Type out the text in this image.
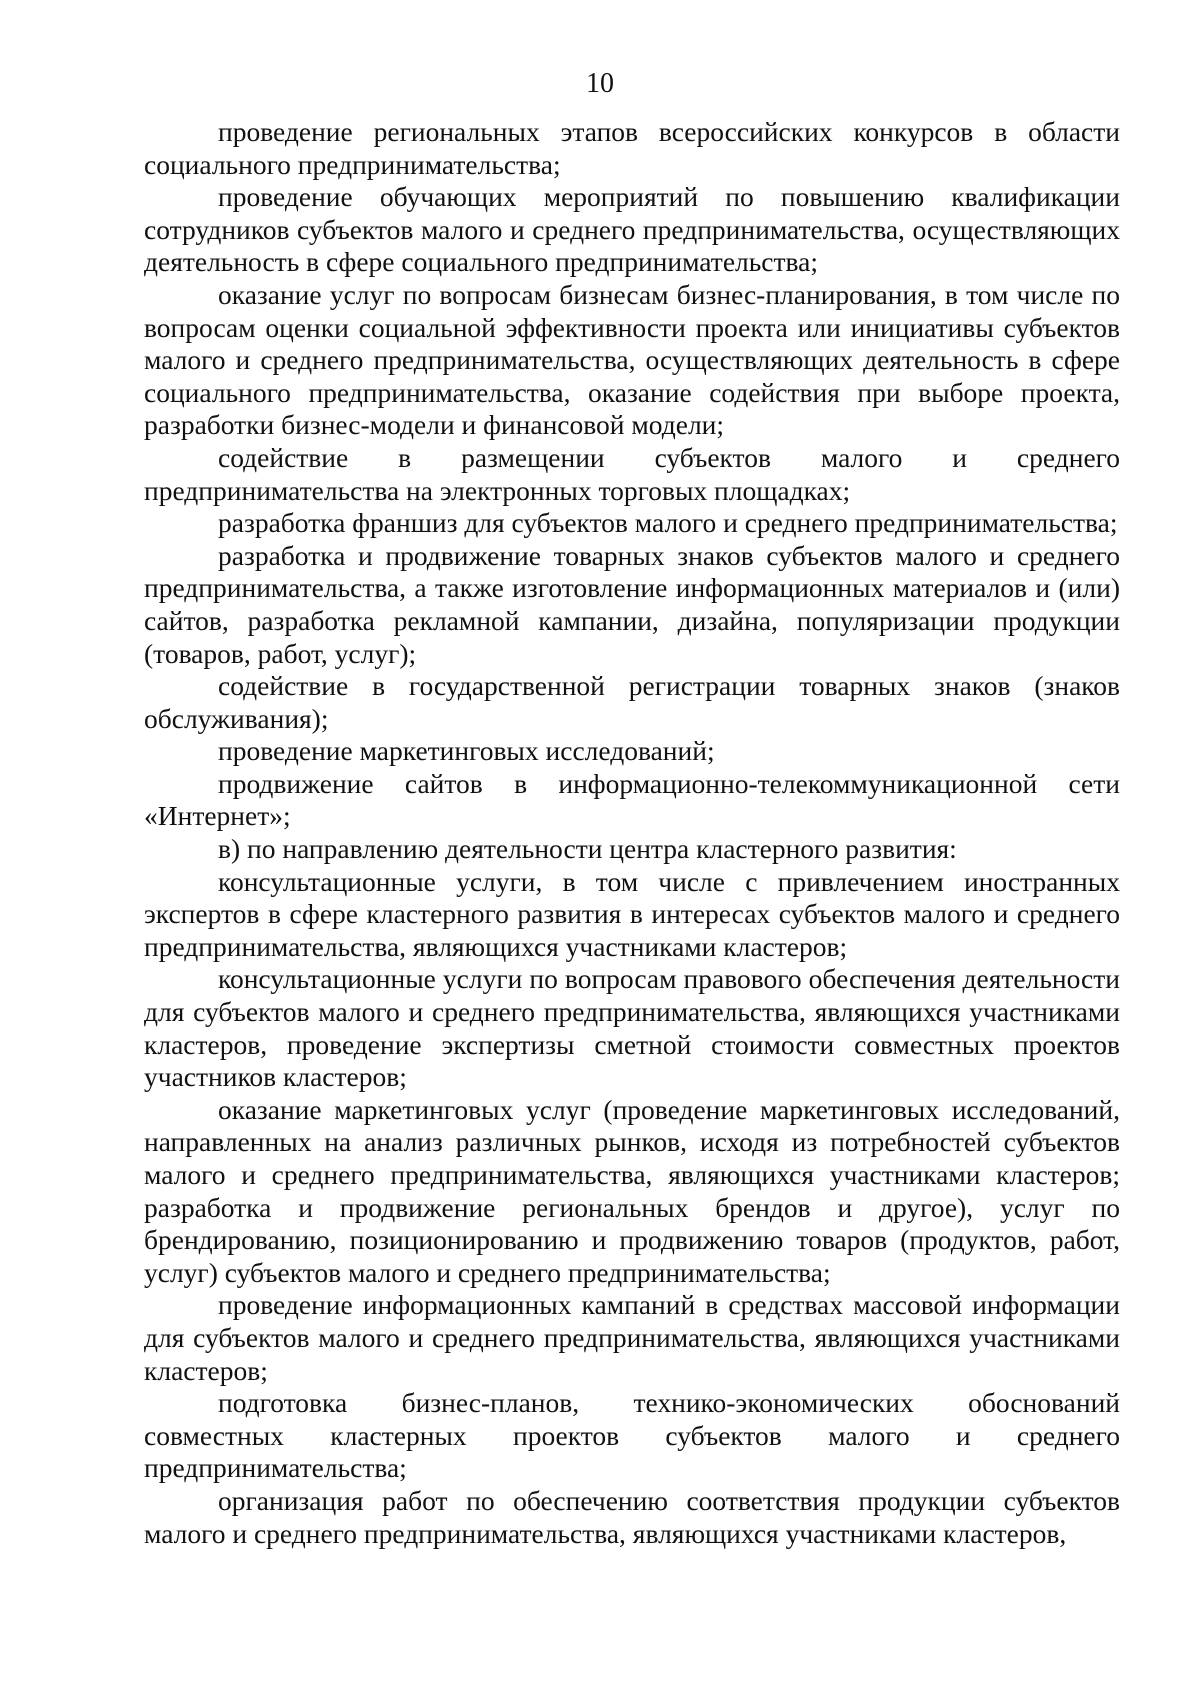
10

проведение региональных этапов всероссийских конкурсов в области социального предпринимательства;

проведение обучающих мероприятий по повышению квалификации сотрудников субъектов малого и среднего предпринимательства, осуществляющих деятельность в сфере социального предпринимательства;

оказание услуг по вопросам бизнесам бизнес-планирования, в том числе по вопросам оценки социальной эффективности проекта или инициативы субъектов малого и среднего предпринимательства, осуществляющих деятельность в сфере социального предпринимательства, оказание содействия при выборе проекта, разработки бизнес-модели и финансовой модели;

содействие в размещении субъектов малого и среднего предпринимательства на электронных торговых площадках;

разработка франшиз для субъектов малого и среднего предпринимательства;

разработка и продвижение товарных знаков субъектов малого и среднего предпринимательства, а также изготовление информационных материалов и (или) сайтов, разработка рекламной кампании, дизайна, популяризации продукции (товаров, работ, услуг);

содействие в государственной регистрации товарных знаков (знаков обслуживания);

проведение маркетинговых исследований;

продвижение сайтов в информационно-телекоммуникационной сети «Интернет»;

в) по направлению деятельности центра кластерного развития:

консультационные услуги, в том числе с привлечением иностранных экспертов в сфере кластерного развития в интересах субъектов малого и среднего предпринимательства, являющихся участниками кластеров;

консультационные услуги по вопросам правового обеспечения деятельности для субъектов малого и среднего предпринимательства, являющихся участниками кластеров, проведение экспертизы сметной стоимости совместных проектов участников кластеров;

оказание маркетинговых услуг (проведение маркетинговых исследований, направленных на анализ различных рынков, исходя из потребностей субъектов малого и среднего предпринимательства, являющихся участниками кластеров; разработка и продвижение региональных брендов и другое), услуг по брендированию, позиционированию и продвижению товаров (продуктов, работ, услуг) субъектов малого и среднего предпринимательства;

проведение информационных кампаний в средствах массовой информации для субъектов малого и среднего предпринимательства, являющихся участниками кластеров;

подготовка бизнес-планов, технико-экономических обоснований совместных кластерных проектов субъектов малого и среднего предпринимательства;

организация работ по обеспечению соответствия продукции субъектов малого и среднего предпринимательства, являющихся участниками кластеров,
